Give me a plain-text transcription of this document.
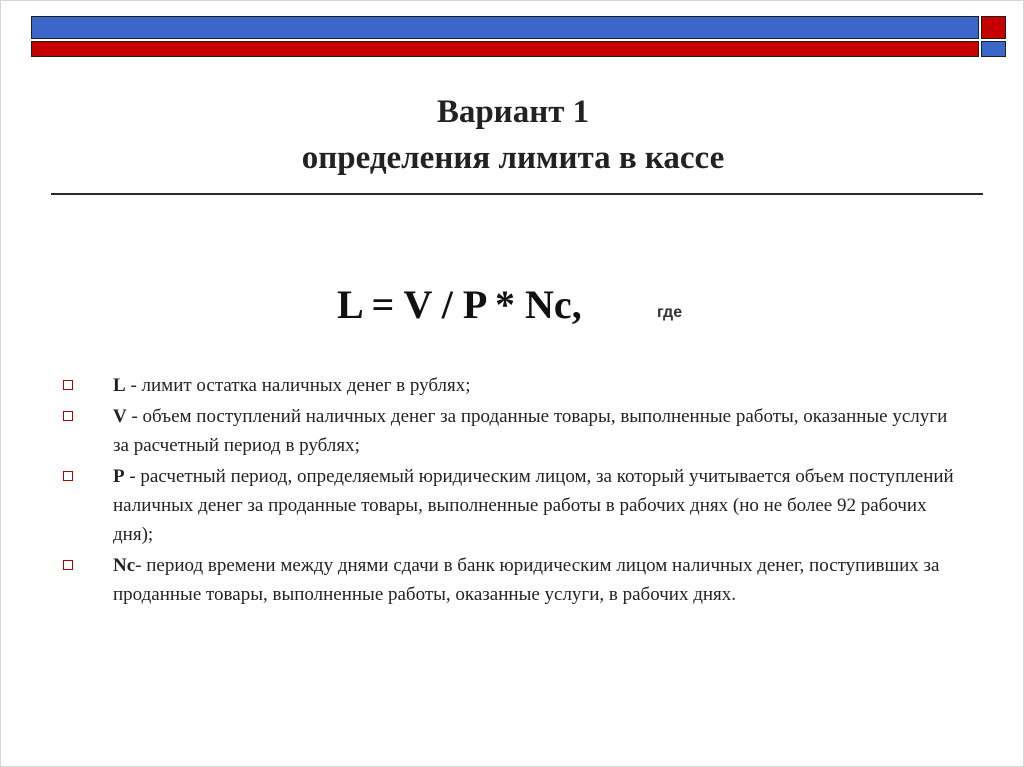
Вариант 1
определения лимита в кассе
L = V / P * Nc,	где
L - лимит остатка наличных денег в рублях;
V - объем поступлений наличных денег за проданные товары, выполненные работы, оказанные услуги за расчетный период в рублях;
P - расчетный период, определяемый юридическим лицом, за который учитывается объем поступлений наличных денег за проданные товары, выполненные работы в рабочих днях (но не более 92 рабочих дня);
Nc- период времени между днями сдачи в банк юридическим лицом наличных денег, поступивших за проданные товары, выполненные работы, оказанные услуги, в рабочих днях.
